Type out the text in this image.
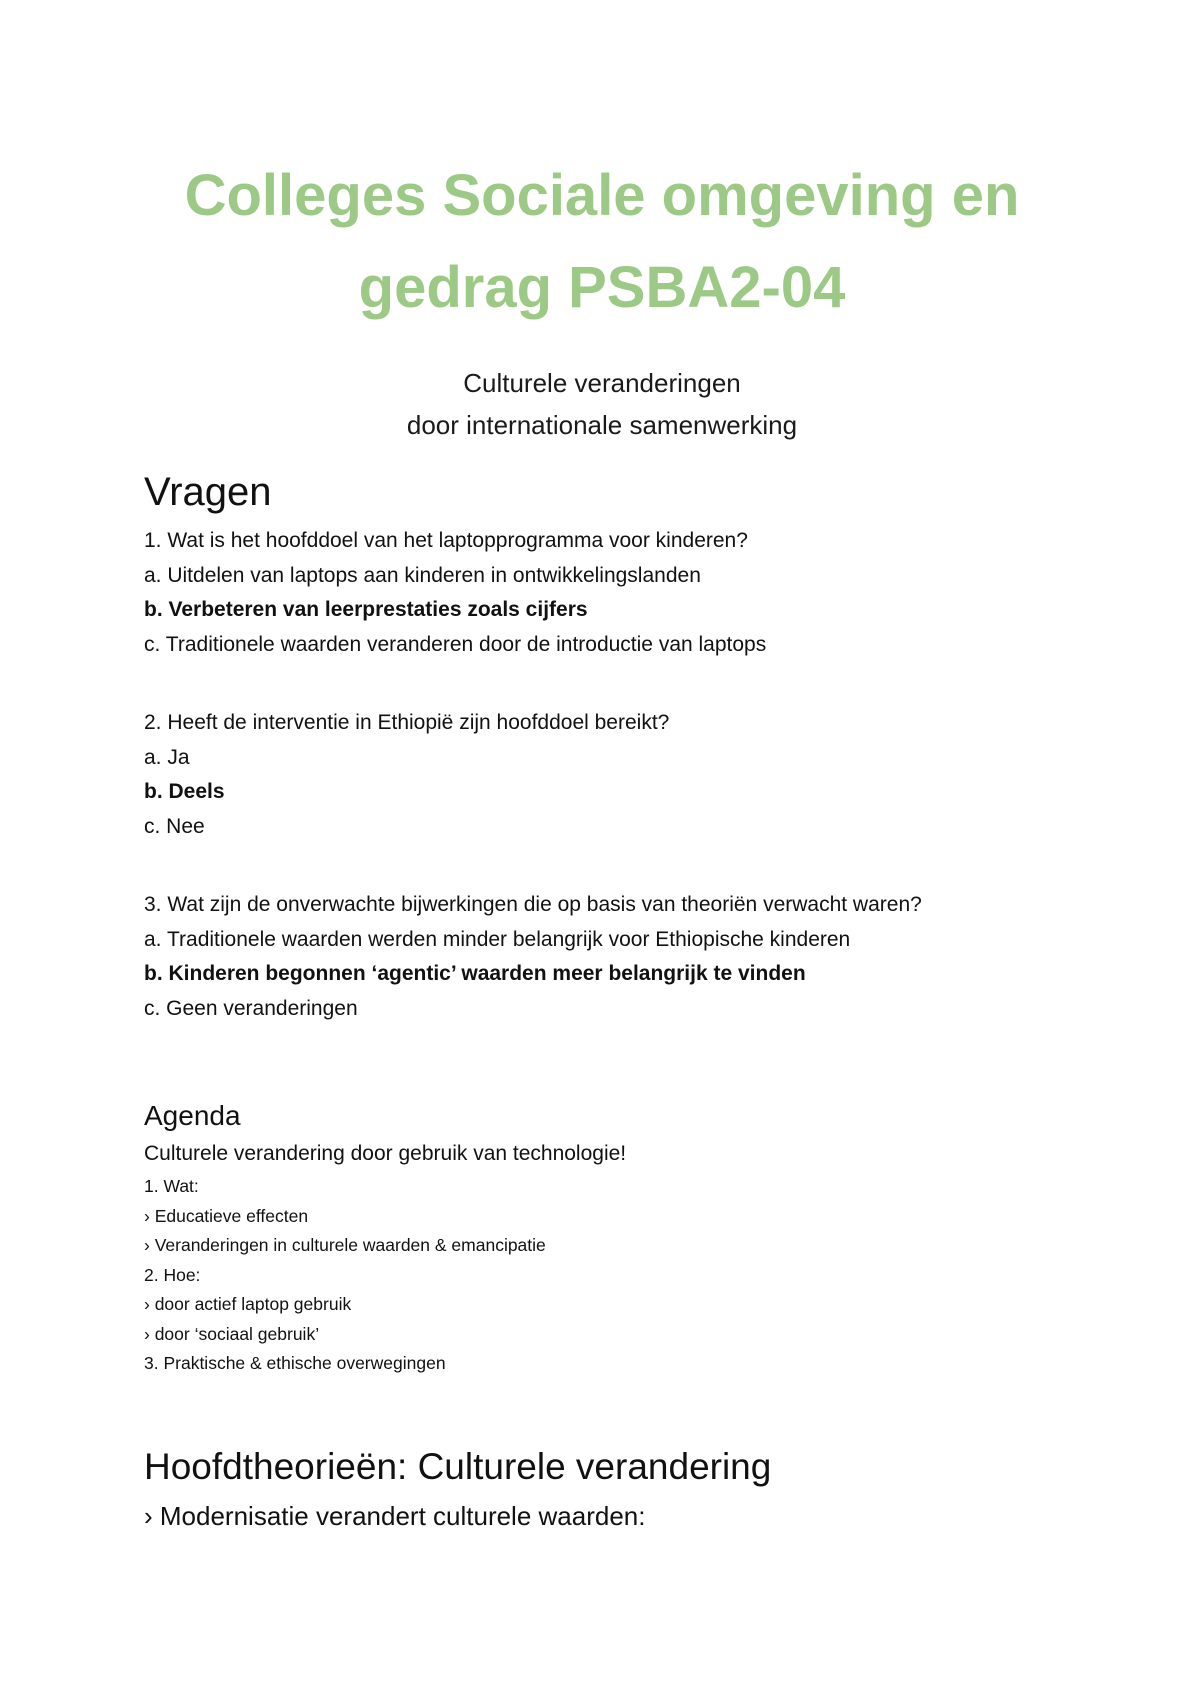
Colleges Sociale omgeving en
gedrag PSBA2-04
Culturele veranderingen
door internationale samenwerking
Vragen
1. Wat is het hoofddoel van het laptopprogramma voor kinderen?
a. Uitdelen van laptops aan kinderen in ontwikkelingslanden
b. Verbeteren van leerprestaties zoals cijfers
c. Traditionele waarden veranderen door de introductie van laptops
2. Heeft de interventie in Ethiopië zijn hoofddoel bereikt?
a. Ja
b. Deels
c. Nee
3. Wat zijn de onverwachte bijwerkingen die op basis van theoriën verwacht waren?
a. Traditionele waarden werden minder belangrijk voor Ethiopische kinderen
b. Kinderen begonnen ‘agentic’ waarden meer belangrijk te vinden
c. Geen veranderingen
Agenda
Culturele verandering door gebruik van technologie!
1. Wat:
› Educatieve effecten
› Veranderingen in culturele waarden & emancipatie
2. Hoe:
› door actief laptop gebruik
› door ‘sociaal gebruik’
3. Praktische & ethische overwegingen
Hoofdtheorieën: Culturele verandering
› Modernisatie verandert culturele waarden:
